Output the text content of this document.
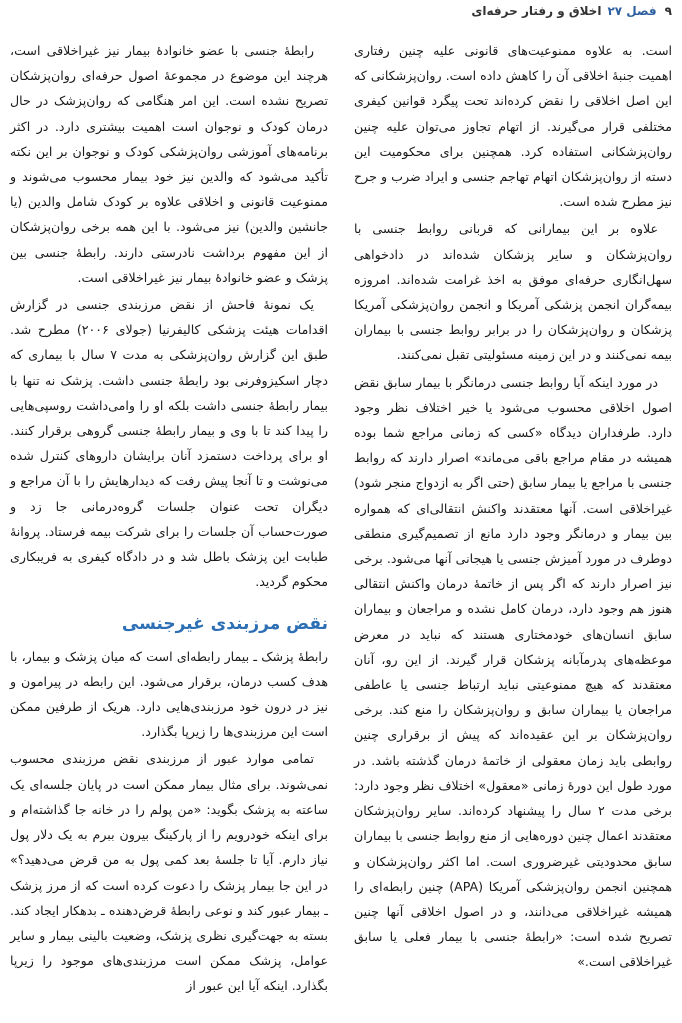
۹
فصل ۲۷
اخلاق و رفتار حرفه‌ای

است. به علاوه ممنوعیت‌های قانونی علیه چنین رفتاری اهمیت جنبهٔ اخلاقی آن را کاهش داده است. روان‌پزشکانی که این اصل اخلاقی را نقض کرده‌اند تحت پیگرد قوانین کیفری مختلفی قرار می‌گیرند. از اتهام تجاوز می‌توان علیه چنین روان‌پزشکانی استفاده کرد. همچنین برای محکومیت این دسته از روان‌پزشکان اتهام تهاجم جنسی و ایراد ضرب و جرح نیز مطرح شده است.

علاوه بر این بیمارانی که قربانی روابط جنسی با روان‌پزشکان و سایر پزشکان شده‌اند در دادخواهی سهل‌انگاری حرفه‌ای موفق به اخذ غرامت شده‌اند. امروزه بیمه‌گران انجمن پزشکی آمریکا و انجمن روان‌پزشکی آمریکا پزشکان و روان‌پزشکان را در برابر روابط جنسی با بیماران بیمه نمی‌کنند و در این زمینه مسئولیتی تقبل نمی‌کنند.

در مورد اینکه آیا روابط جنسی درمانگر با بیمار سابق نقض اصول اخلاقی محسوب می‌شود یا خیر اختلاف نظر وجود دارد. طرفداران دیدگاه «کسی که زمانی مراجع شما بوده همیشه در مقام مراجع باقی می‌ماند» اصرار دارند که روابط جنسی با مراجع یا بیمار سابق (حتی اگر به ازدواج منجر شود) غیراخلاقی است. آنها معتقدند واکنش انتقالی‌ای که همواره بین بیمار و درمانگر وجود دارد مانع از تصمیم‌گیری منطقی دوطرف در مورد آمیزش جنسی یا هیجانی آنها می‌شود. برخی نیز اصرار دارند که اگر پس از خاتمهٔ درمان واکنش انتقالی هنوز هم وجود دارد، درمان کامل نشده و مراجعان و بیماران سابق انسان‌های خودمختاری هستند که نباید در معرض موعظه‌های پدرمآبانه پزشکان قرار گیرند. از این رو، آنان معتقدند که هیچ ممنوعیتی نباید ارتباط جنسی یا عاطفی مراجعان یا بیماران سابق و روان‌پزشکان را منع کند. برخی روان‌پزشکان بر این عقیده‌اند که پیش از برقراری چنین روابطی باید زمان معقولی از خاتمهٔ درمان گذشته باشد. در مورد طول این دورهٔ زمانی «معقول» اختلاف نظر وجود دارد: برخی مدت ۲ سال را پیشنهاد کرده‌اند. سایر روان‌پزشکان معتقدند اعمال چنین دوره‌هایی از منع روابط جنسی با بیماران سابق محدودیتی غیرضروری است. اما اکثر روان‌پزشکان و همچنین انجمن روان‌پزشکی آمریکا (APA) چنین رابطه‌ای را همیشه غیراخلاقی می‌دانند، و در اصول اخلاقی آنها چنین تصریح شده است: «رابطهٔ جنسی با بیمار فعلی یا سابق غیراخلاقی است.»

رابطهٔ جنسی با عضو خانوادهٔ بیمار نیز غیراخلاقی است، هرچند این موضوع در مجموعهٔ اصول حرفه‌ای روان‌پزشکان تصریح نشده است. این امر هنگامی که روان‌پزشک در حال درمان کودک و نوجوان است اهمیت بیشتری دارد. در اکثر برنامه‌های آموزشی روان‌پزشکی کودک و نوجوان بر این نکته تأکید می‌شود که والدین نیز خود بیمار محسوب می‌شوند و ممنوعیت قانونی و اخلاقی علاوه بر کودک شامل والدین (یا جانشین والدین) نیز می‌شود. با این همه برخی روان‌پزشکان از این مفهوم برداشت نادرستی دارند. رابطهٔ جنسی بین پزشک و عضو خانوادهٔ بیمار نیز غیراخلاقی است.

یک نمونهٔ فاحش از نقض مرزبندی جنسی در گزارش اقدامات هیئت پزشکی کالیفرنیا (جولای ۲۰۰۶) مطرح شد. طبق این گزارش روان‌پزشکی به مدت ۷ سال با بیماری که دچار اسکیزوفرنی بود رابطهٔ جنسی داشت. پزشک نه تنها با بیمار رابطهٔ جنسی داشت بلکه او را وامی‌داشت روسپی‌هایی را پیدا کند تا با وی و بیمار رابطهٔ جنسی گروهی برقرار کنند. او برای پرداخت دستمزد آنان برایشان داروهای کنترل شده می‌نوشت و تا آنجا پیش رفت که دیدارهایش را با آن مراجع و دیگران تحت عنوان جلسات گروه‌درمانی جا زد و صورت‌حساب آن جلسات را برای شرکت بیمه فرستاد. پروانهٔ طبابت این پزشک باطل شد و در دادگاه کیفری به فریبکاری محکوم گردید.

نقض مرزبندی غیرجنسی

رابطهٔ پزشک ـ بیمار رابطه‌ای است که میان پزشک و بیمار، با هدف کسب درمان، برقرار می‌شود. این رابطه در پیرامون و نیز در درون خود مرزبندی‌هایی دارد. هریک از طرفین ممکن است این مرزبندی‌ها را زیرپا بگذارد.

تمامی موارد عبور از مرزبندی نقض مرزبندی محسوب نمی‌شوند. برای مثال بیمار ممکن است در پایان جلسه‌ای یک ساعته به پزشک بگوید: «من پولم را در خانه جا گذاشته‌ام و برای اینکه خودرویم را از پارکینگ بیرون ببرم به یک دلار پول نیاز دارم. آیا تا جلسهٔ بعد کمی پول به من قرض می‌دهید؟» در این جا بیمار پزشک را دعوت کرده است که از مرز پزشک ـ بیمار عبور کند و نوعی رابطهٔ قرض‌دهنده ـ بدهکار ایجاد کند. بسته به جهت‌گیری نظری پزشک، وضعیت بالینی بیمار و سایر عوامل، پزشک ممکن است مرزبندی‌های موجود را زیرپا بگذارد. اینکه آیا این عبور از
